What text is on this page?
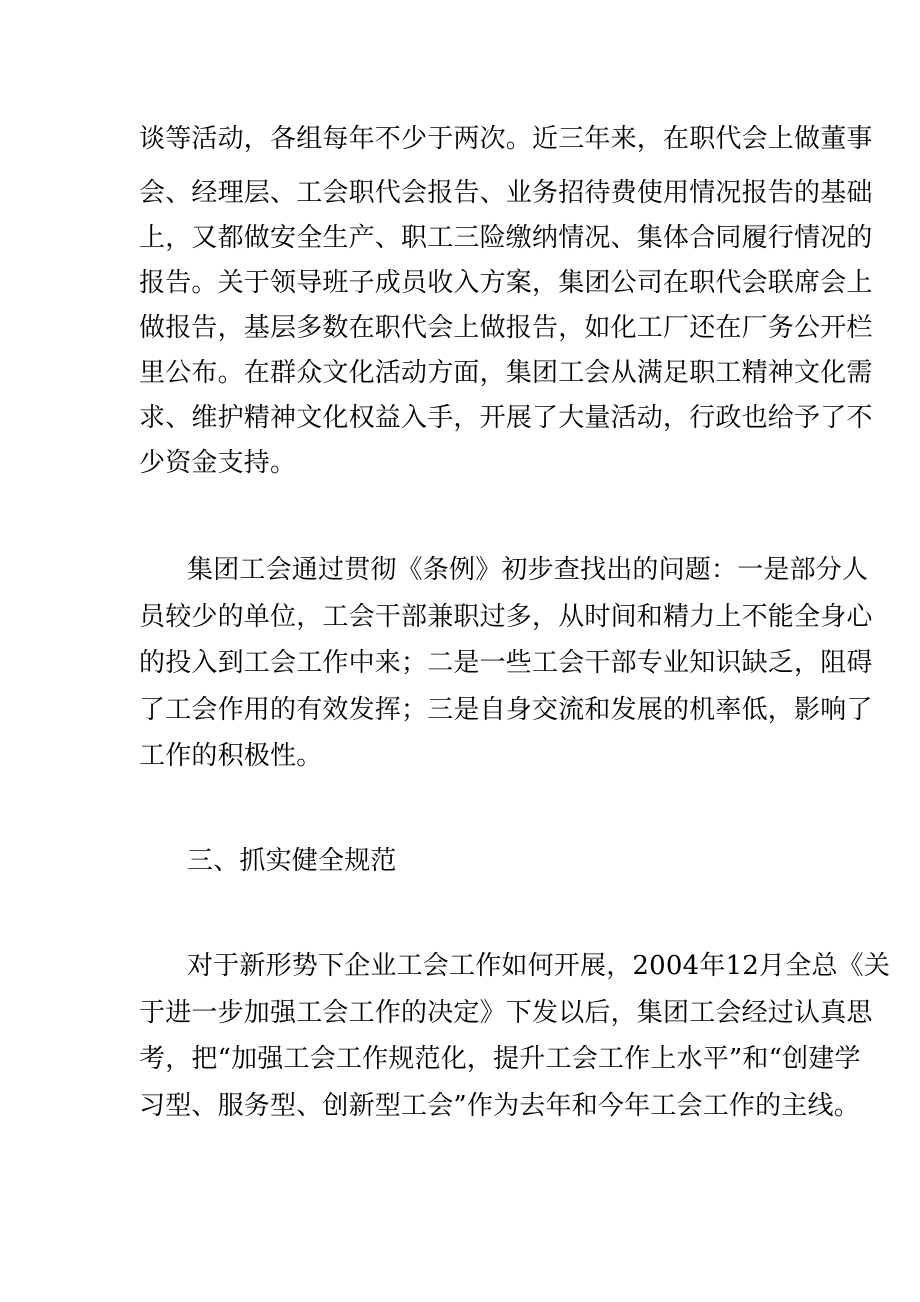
谈等活动，各组每年不少于两次。近三年来，在职代会上做董事
会、经理层、工会职代会报告、业务招待费使用情况报告的基础
上，又都做安全生产、职工三险缴纳情况、集体合同履行情况的
报告。关于领导班子成员收入方案，集团公司在职代会联席会上
做报告，基层多数在职代会上做报告，如化工厂还在厂务公开栏
里公布。在群众文化活动方面，集团工会从满足职工精神文化需
求、维护精神文化权益入手，开展了大量活动，行政也给予了不
少资金支持。
集团工会通过贯彻《条例》初步查找出的问题：一是部分人
员较少的单位，工会干部兼职过多，从时间和精力上不能全身心
的投入到工会工作中来；二是一些工会干部专业知识缺乏，阻碍
了工会作用的有效发挥；三是自身交流和发展的机率低，影响了
工作的积极性。
三、抓实健全规范
对于新形势下企业工会工作如何开展，2004年12月全总《关
于进一步加强工会工作的决定》下发以后，集团工会经过认真思
考，把“加强工会工作规范化，提升工会工作上水平”和“创建学
习型、服务型、创新型工会”作为去年和今年工会工作的主线。
